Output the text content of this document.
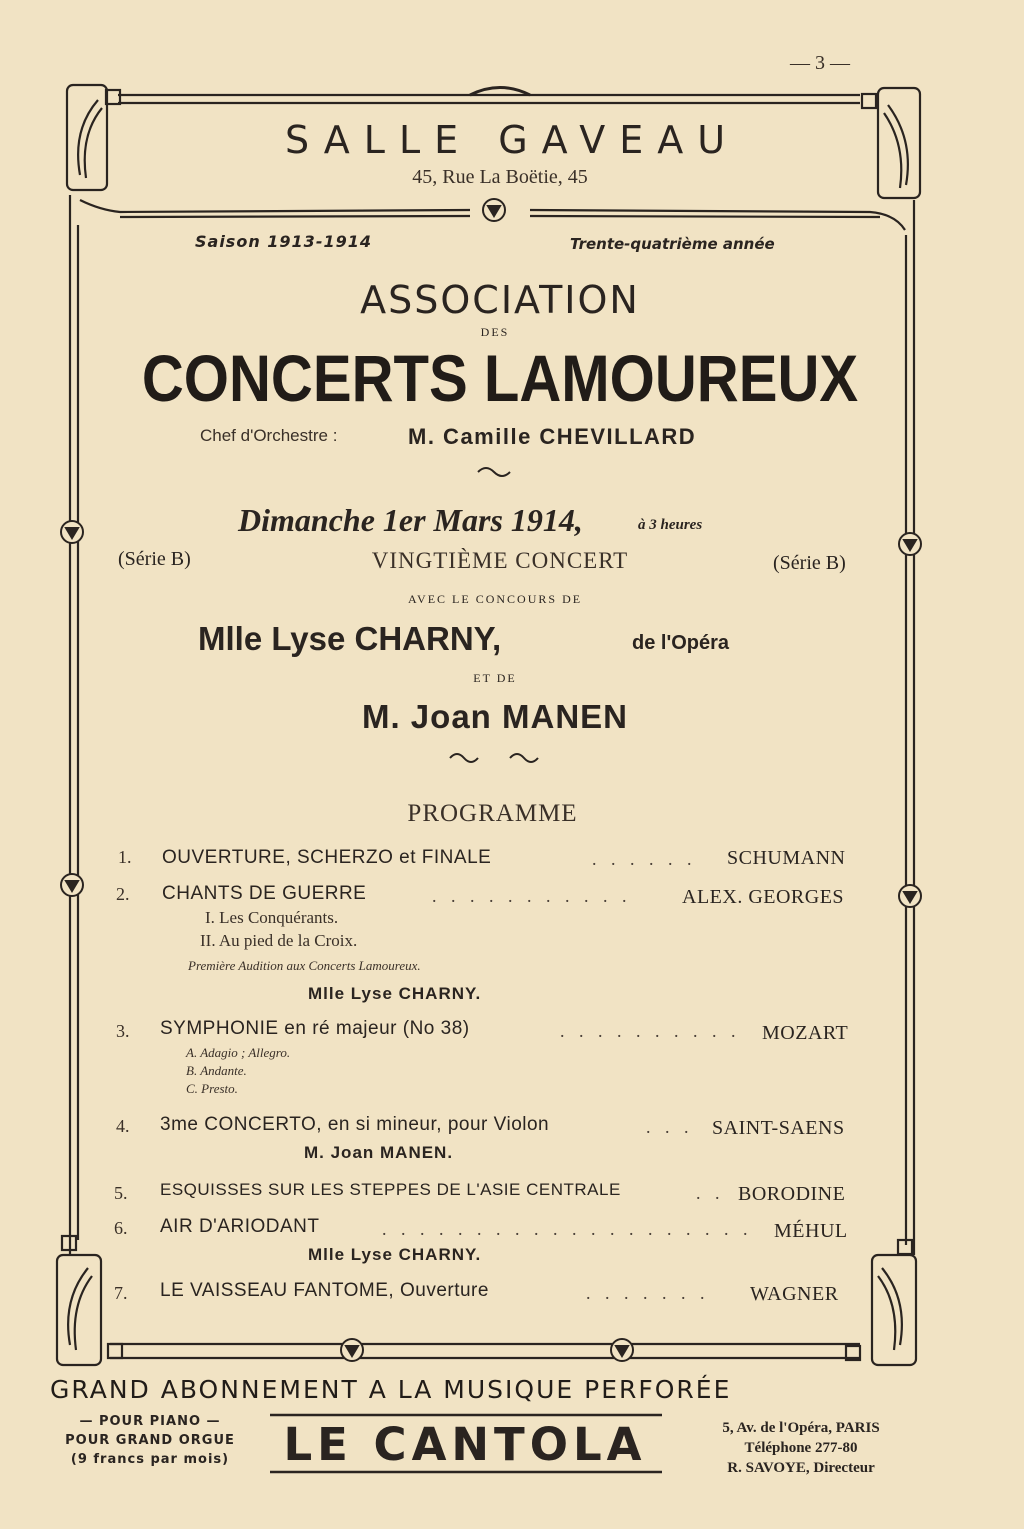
— 3 —
SALLE GAVEAU
45, Rue La Boëtie, 45
Saison 1913-1914	Trente-quatrième année
ASSOCIATION
DES
CONCERTS LAMOUREUX
Chef d'Orchestre :	M. Camille CHEVILLARD
Dimanche 1er Mars 1914,	à 3 heures
(Série B)	VINGTIÈME CONCERT	(Série B)
AVEC LE CONCOURS DE
Mlle Lyse CHARNY,	de l'Opéra
ET DE
M. Joan MANEN
PROGRAMME
1. OUVERTURE, SCHERZO et FINALE	. . . . . . SCHUMANN
2. CHANTS DE GUERRE	. . . . . . . . . . .	ALEX. GEORGES
I. Les Conquérants.
II. Au pied de la Croix.
Première Audition aux Concerts Lamoureux.
Mlle Lyse CHARNY.
3. SYMPHONIE en ré majeur (No 38)	. . . . . . . . . . MOZART
A. Adagio ; Allegro.
B. Andante.
C. Presto.
4. 3me CONCERTO, en si mineur, pour Violon	. . . SAINT-SAENS
M. Joan MANEN.
5. ESQUISSES SUR LES STEPPES DE L'ASIE CENTRALE	. . BORODINE
6. AIR D'ARIODANT	. . . . . . . . . . . . . . . . . . . . MÉHUL
Mlle Lyse CHARNY.
7. LE VAISSEAU FANTOME, Ouverture	. . . . . . . WAGNER
GRAND ABONNEMENT A LA MUSIQUE PERFORÉE
— POUR PIANO —
POUR GRAND ORGUE
(9 francs par mois)	LE CANTOLA	5, Av. de l'Opéra, PARIS
Téléphone 277-80
R. SAVOYE, Directeur
